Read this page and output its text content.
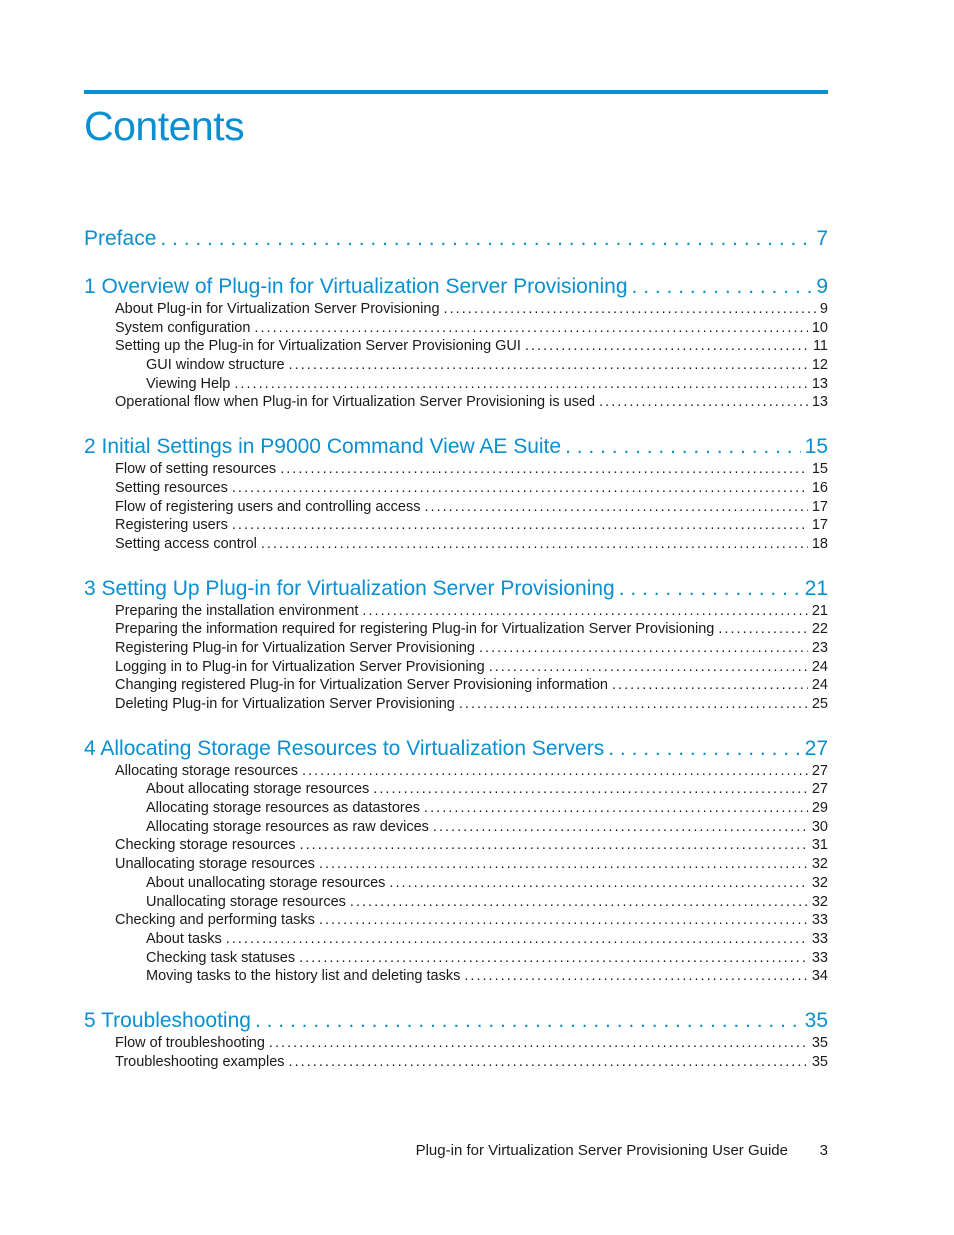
Contents
Preface . . .	7
1 Overview of Plug-in for Virtualization Server Provisioning . . .	9
About Plug-in for Virtualization Server Provisioning . . .	9
System configuration . . .	10
Setting up the Plug-in for Virtualization Server Provisioning GUI . . .	11
GUI window structure . . .	12
Viewing Help . . .	13
Operational flow when Plug-in for Virtualization Server Provisioning is used . . .	13
2 Initial Settings in P9000 Command View AE Suite . . .	15
Flow of setting resources . . .	15
Setting resources . . .	16
Flow of registering users and controlling access . . .	17
Registering users . . .	17
Setting access control . . .	18
3 Setting Up Plug-in for Virtualization Server Provisioning . . .	21
Preparing the installation environment . . .	21
Preparing the information required for registering Plug-in for Virtualization Server Provisioning . . .	22
Registering Plug-in for Virtualization Server Provisioning . . .	23
Logging in to Plug-in for Virtualization Server Provisioning . . .	24
Changing registered Plug-in for Virtualization Server Provisioning information . . .	24
Deleting Plug-in for Virtualization Server Provisioning . . .	25
4 Allocating Storage Resources to Virtualization Servers . . .	27
Allocating storage resources . . .	27
About allocating storage resources . . .	27
Allocating storage resources as datastores . . .	29
Allocating storage resources as raw devices . . .	30
Checking storage resources . . .	31
Unallocating storage resources . . .	32
About unallocating storage resources . . .	32
Unallocating storage resources . . .	32
Checking and performing tasks . . .	33
About tasks . . .	33
Checking task statuses . . .	33
Moving tasks to the history list and deleting tasks . . .	34
5 Troubleshooting . . .	35
Flow of troubleshooting . . .	35
Troubleshooting examples . . .	35
Plug-in for Virtualization Server Provisioning User Guide 3
